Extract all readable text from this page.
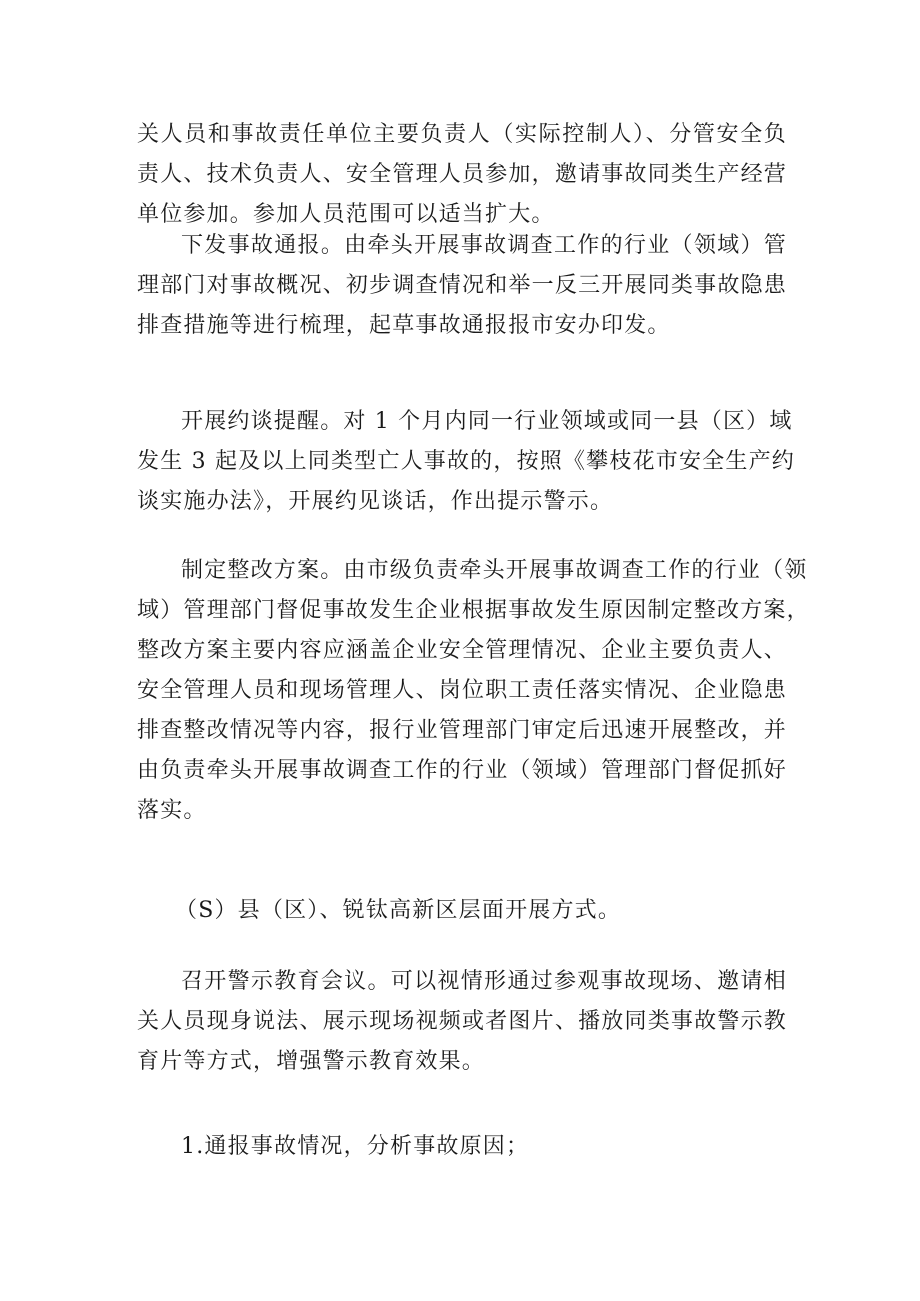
关人员和事故责任单位主要负责人（实际控制人）、分管安全负
责人、技术负责人、安全管理人员参加，邀请事故同类生产经营
单位参加。参加人员范围可以适当扩大。
下发事故通报。由牵头开展事故调查工作的行业（领域）管
理部门对事故概况、初步调查情况和举一反三开展同类事故隐患
排查措施等进行梳理，起草事故通报报市安办印发。
开展约谈提醒。对 1 个月内同一行业领域或同一县（区）域
发生 3 起及以上同类型亡人事故的，按照《攀枝花市安全生产约
谈实施办法》，开展约见谈话，作出提示警示。
制定整改方案。由市级负责牵头开展事故调查工作的行业（领
域）管理部门督促事故发生企业根据事故发生原因制定整改方案，
整改方案主要内容应涵盖企业安全管理情况、企业主要负责人、
安全管理人员和现场管理人、岗位职工责任落实情况、企业隐患
排查整改情况等内容，报行业管理部门审定后迅速开展整改，并
由负责牵头开展事故调查工作的行业（领域）管理部门督促抓好
落实。
（S）县（区）、锐钛高新区层面开展方式。
召开警示教育会议。可以视情形通过参观事故现场、邀请相
关人员现身说法、展示现场视频或者图片、播放同类事故警示教
育片等方式，增强警示教育效果。
1.通报事故情况，分析事故原因；
